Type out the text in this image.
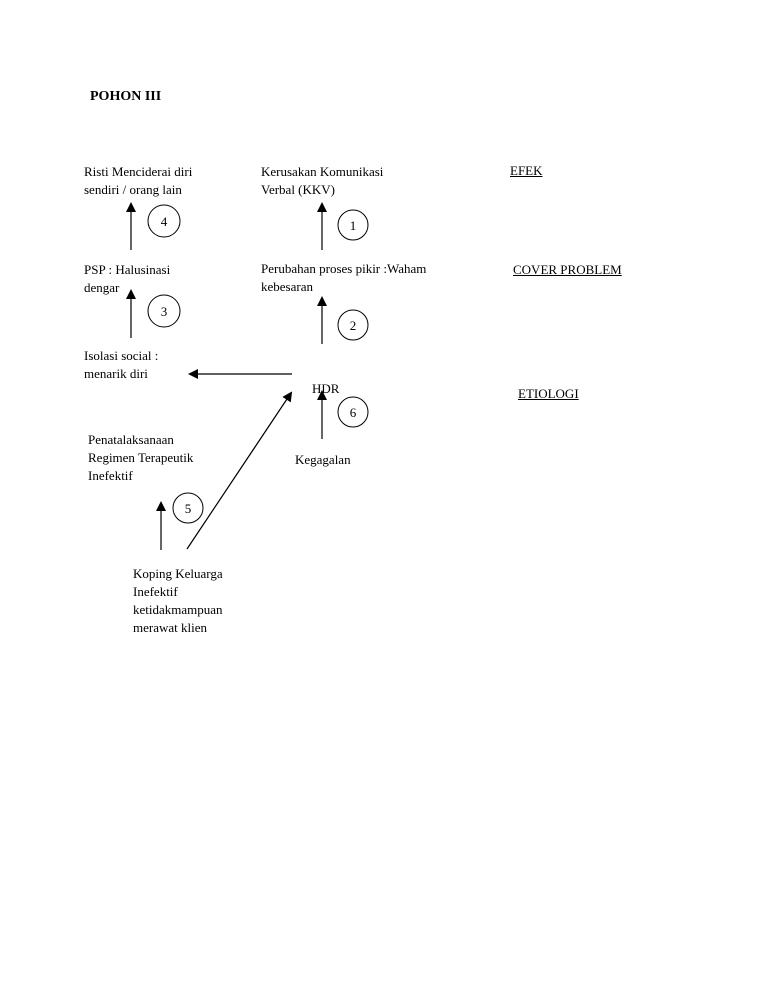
POHON III
Risti Menciderai diri
sendiri / orang lain
Kerusakan Komunikasi
Verbal (KKV)
PSP : Halusinasi
dengar
Perubahan proses pikir :Waham
kebesaran
Isolasi social :
menarik diri
HDR
Penatalaksanaan
Regimen Terapeutik
Inefektif
Kegagalan
Koping Keluarga
Inefektif
ketidakmampuan
merawat klien
EFEK
COVER PROBLEM
ETIOLOGI
4	1
3
2
6
5
